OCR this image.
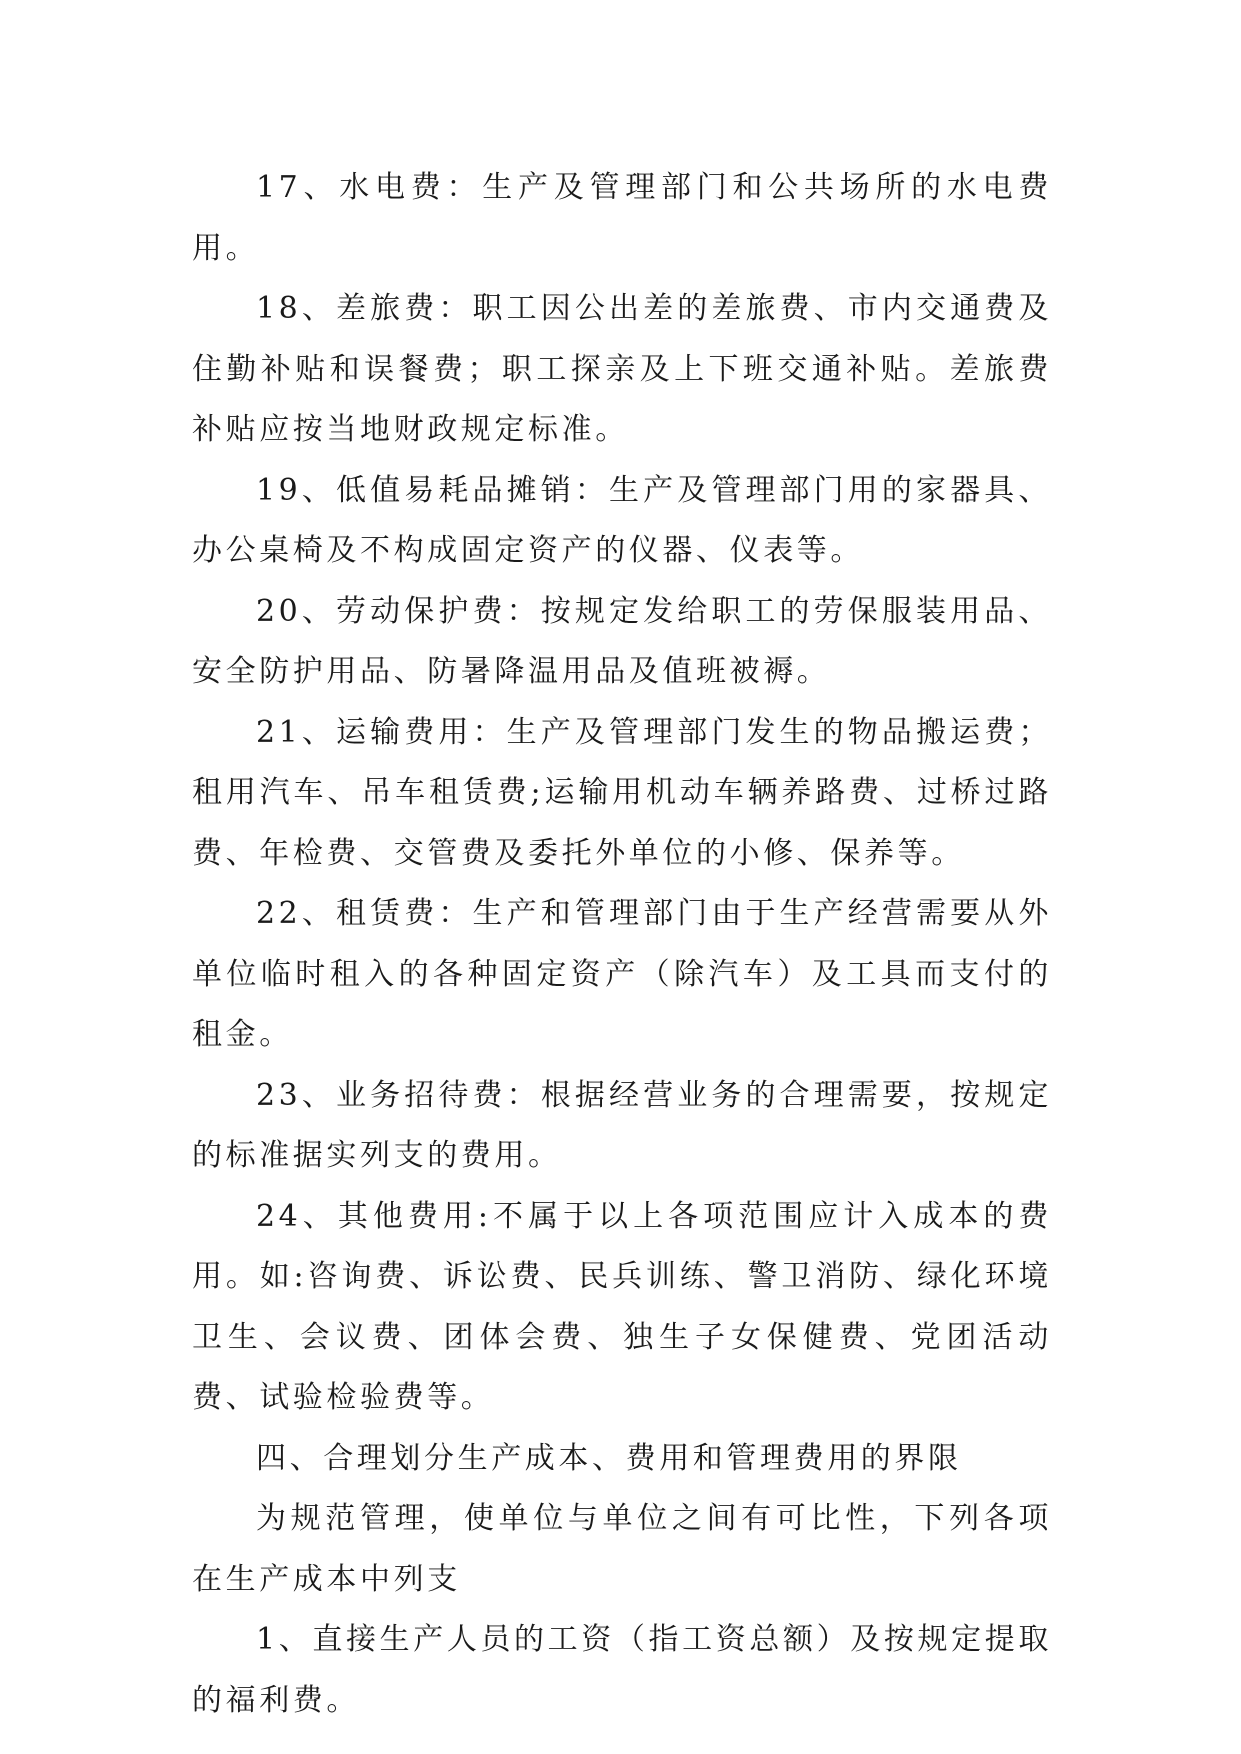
17、水电费：生产及管理部门和公共场所的水电费用。

18、差旅费：职工因公出差的差旅费、市内交通费及住勤补贴和误餐费；职工探亲及上下班交通补贴。差旅费补贴应按当地财政规定标准。

19、低值易耗品摊销：生产及管理部门用的家器具、办公桌椅及不构成固定资产的仪器、仪表等。

20、劳动保护费：按规定发给职工的劳保服装用品、安全防护用品、防暑降温用品及值班被褥。

21、运输费用：生产及管理部门发生的物品搬运费；租用汽车、吊车租赁费;运输用机动车辆养路费、过桥过路费、年检费、交管费及委托外单位的小修、保养等。

22、租赁费：生产和管理部门由于生产经营需要从外单位临时租入的各种固定资产（除汽车）及工具而支付的租金。

23、业务招待费：根据经营业务的合理需要，按规定的标准据实列支的费用。

24、其他费用:不属于以上各项范围应计入成本的费用。如:咨询费、诉讼费、民兵训练、警卫消防、绿化环境卫生、会议费、团体会费、独生子女保健费、党团活动费、试验检验费等。

四、合理划分生产成本、费用和管理费用的界限

为规范管理，使单位与单位之间有可比性，下列各项在生产成本中列支

1、直接生产人员的工资（指工资总额）及按规定提取的福利费。
